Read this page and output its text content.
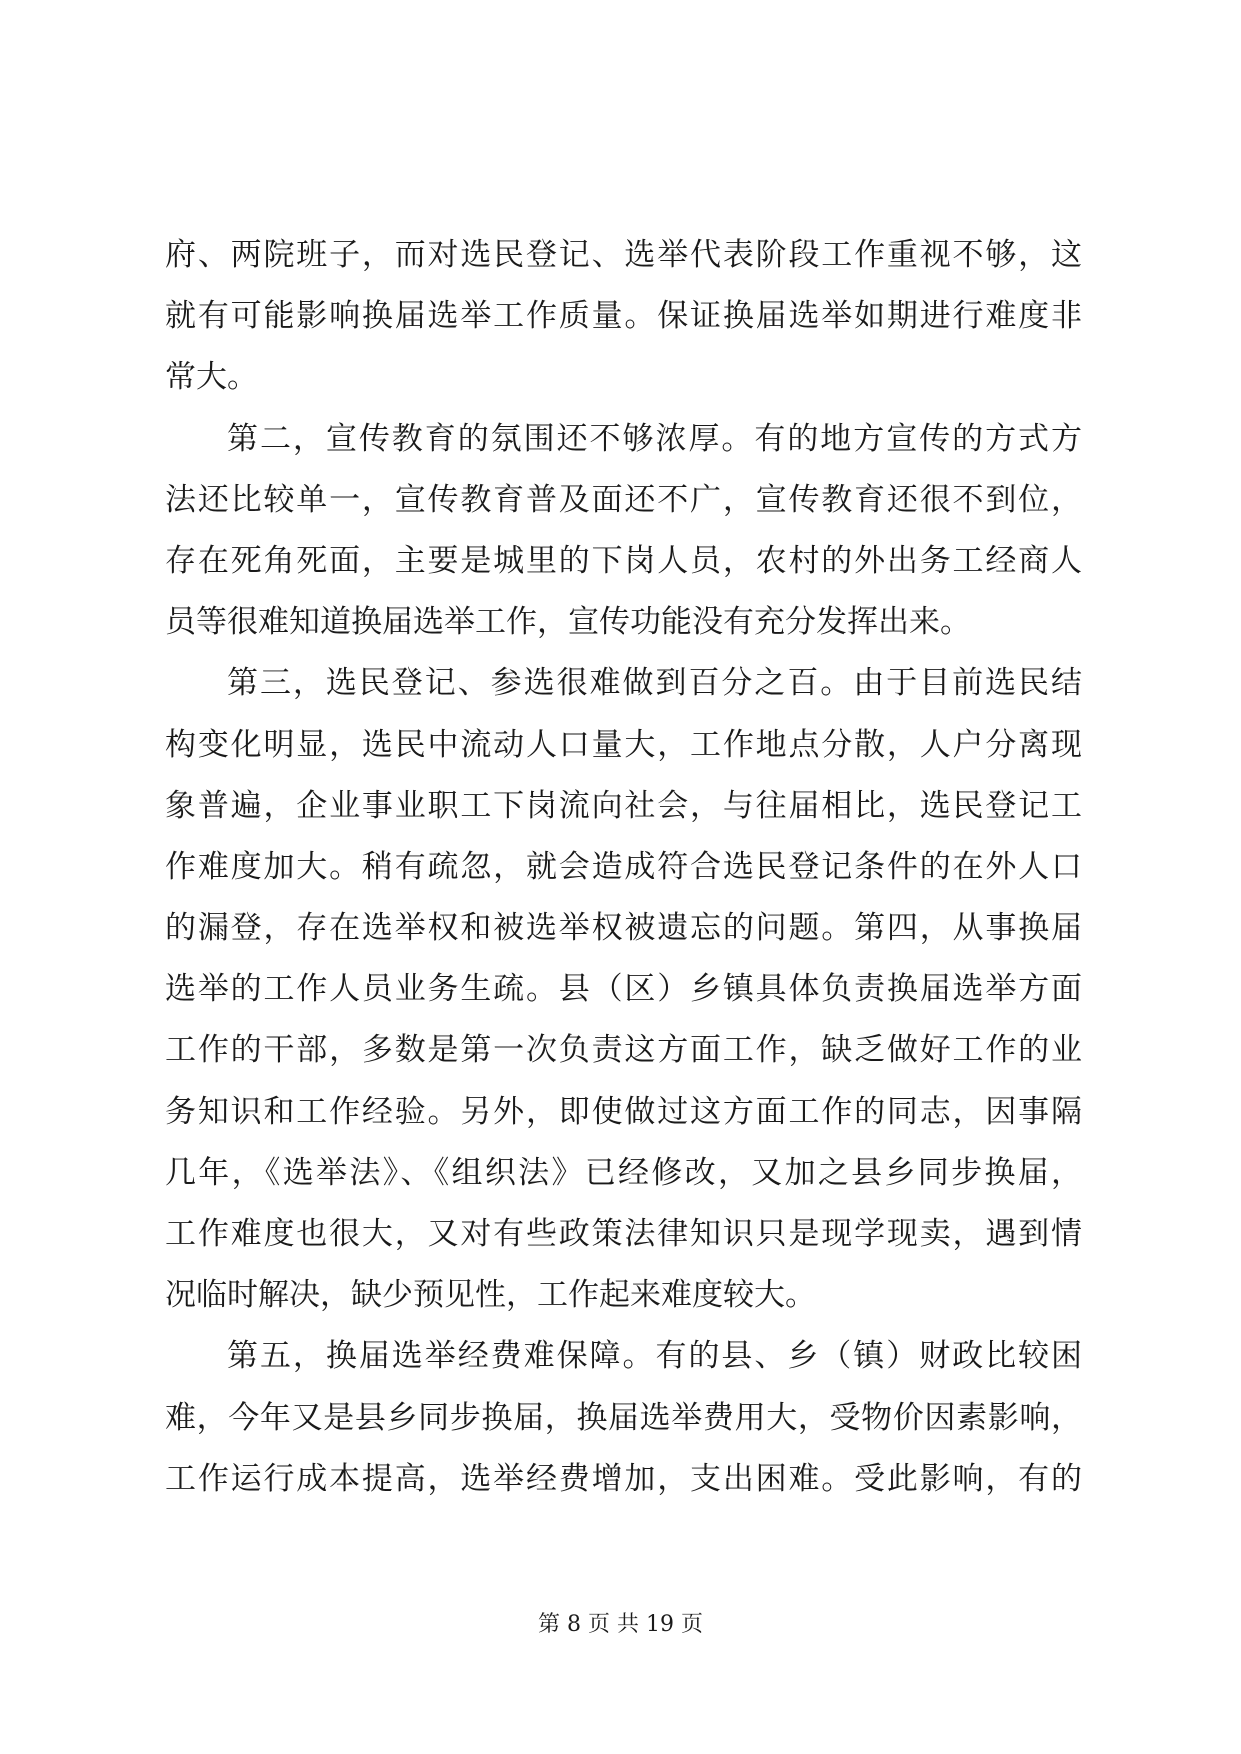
府、两院班子，而对选民登记、选举代表阶段工作重视不够，这
就有可能影响换届选举工作质量。保证换届选举如期进行难度非
常大。
第二，宣传教育的氛围还不够浓厚。有的地方宣传的方式方
法还比较单一，宣传教育普及面还不广，宣传教育还很不到位，
存在死角死面，主要是城里的下岗人员，农村的外出务工经商人
员等很难知道换届选举工作，宣传功能没有充分发挥出来。
第三，选民登记、参选很难做到百分之百。由于目前选民结
构变化明显，选民中流动人口量大，工作地点分散，人户分离现
象普遍，企业事业职工下岗流向社会，与往届相比，选民登记工
作难度加大。稍有疏忽，就会造成符合选民登记条件的在外人口
的漏登，存在选举权和被选举权被遗忘的问题。第四，从事换届
选举的工作人员业务生疏。县（区）乡镇具体负责换届选举方面
工作的干部，多数是第一次负责这方面工作，缺乏做好工作的业
务知识和工作经验。另外，即使做过这方面工作的同志，因事隔
几年，《选举法》、《组织法》已经修改，又加之县乡同步换届，
工作难度也很大，又对有些政策法律知识只是现学现卖，遇到情
况临时解决，缺少预见性，工作起来难度较大。
第五，换届选举经费难保障。有的县、乡（镇）财政比较困
难，今年又是县乡同步换届，换届选举费用大，受物价因素影响，
工作运行成本提高，选举经费增加，支出困难。受此影响，有的
第 8 页 共 19 页
